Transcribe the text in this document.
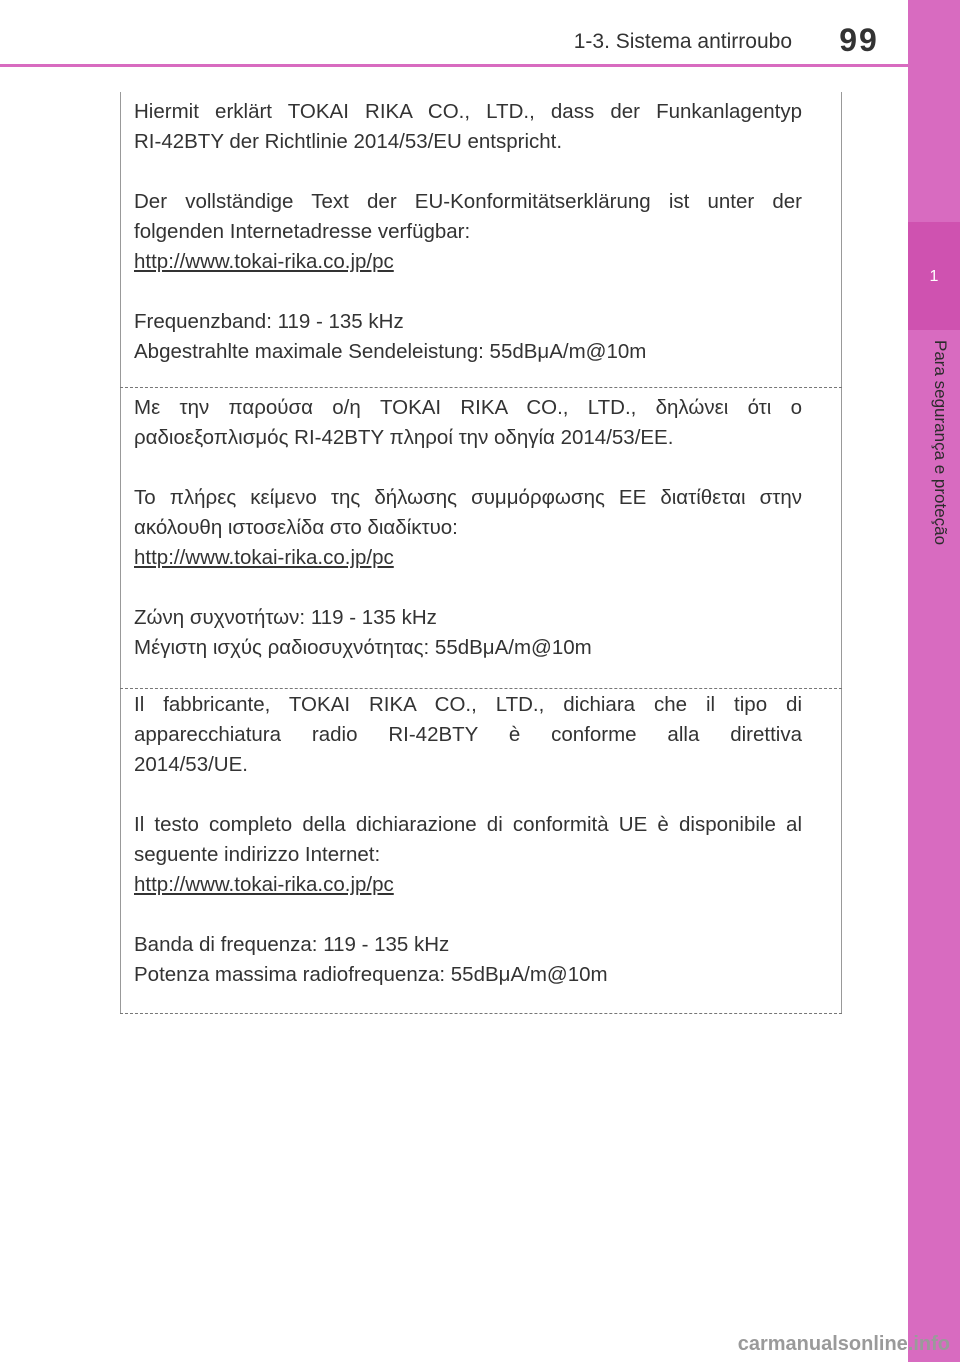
1
Para segurança e proteção
1-3. Sistema antirroubo	99

Hiermit erklärt TOKAI RIKA CO., LTD., dass der Funkanlagentyp
RI-42BTY der Richtlinie 2014/53/EU entspricht.

Der vollständige Text der EU-Konformitätserklärung ist unter der
folgenden Internetadresse verfügbar:
http://www.tokai-rika.co.jp/pc

Frequenzband: 119 - 135 kHz
Abgestrahlte maximale Sendeleistung: 55dBμA/m@10m

Με την παρούσα ο/η TOKAI RIKA CO., LTD., δηλώνει ότι ο
ραδιοεξοπλισμός RI-42BTY πληροί την οδηγία 2014/53/ΕΕ.

Το πλήρες κείμενο της δήλωσης συμμόρφωσης ΕΕ διατίθεται στην
ακόλουθη ιστοσελίδα στο διαδίκτυο:
http://www.tokai-rika.co.jp/pc

Ζώνη συχνοτήτων: 119 - 135 kHz
Μέγιστη ισχύς ραδιοσυχνότητας: 55dBμA/m@10m

Il fabbricante, TOKAI RIKA CO., LTD., dichiara che il tipo di
apparecchiatura radio RI-42BTY è conforme alla direttiva
2014/53/UE.

Il testo completo della dichiarazione di conformità UE è disponibile al
seguente indirizzo Internet:
http://www.tokai-rika.co.jp/pc

Banda di frequenza: 119 - 135 kHz
Potenza massima radiofrequenza: 55dBμA/m@10m

carmanualsonline.info
